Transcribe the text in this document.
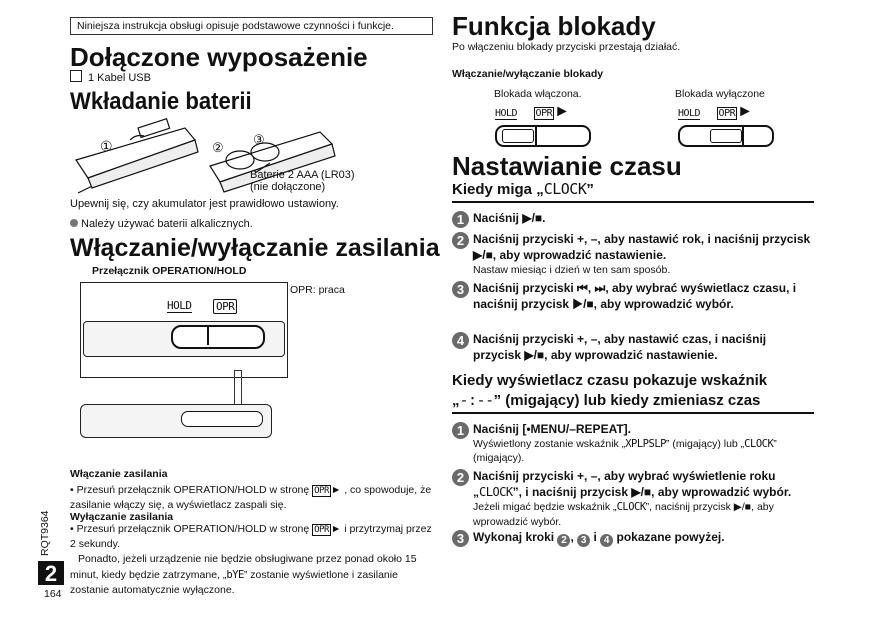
Niniejsza instrukcja obsługi opisuje podstawowe czynności i funkcje.
Dołączone wyposażenie
1 Kabel USB
Wkładanie baterii
①	②
③
Baterie 2 AAA (LR03)
(nie dołączone)
Upewnij się, czy akumulator jest prawidłowo ustawiony.
Należy używać baterii alkalicznych.
Włączanie/wyłączanie zasilania
Przełącznik OPERATION/HOLD
OPR: praca
HOLD OPR
Włączanie zasilania
• Przesuń przełącznik OPERATION/HOLD w stronę OPR ► , co spowoduje, że zasilanie włączy się, a wyświetlacz zaspali się.
Wyłączanie zasilania
• Przesuń przełącznik OPERATION/HOLD w stronę OPR ► i przytrzymaj przez 2 sekundy.
Ponadto, jeżeli urządzenie nie będzie obsługiwane przez ponad około 15 minut, kiedy będzie zatrzymane, „bYE” zostanie wyświetlone i zasilanie zostanie automatycznie wyłączone.
RQT9364
2
164
Funkcja blokady
Po włączeniu blokady przyciski przestają działać.
Włączanie/wyłączanie blokady
Blokada włączona.	Blokada wyłączone
HOLD OPR ►	HOLD OPR ►
Nastawianie czasu
Kiedy miga „CLOCK”
1 Naciśnij ▶/■.
2 Naciśnij przyciski +, –, aby nastawić rok, i naciśnij przycisk ▶/■, aby wprowadzić nastawienie.
Nastaw miesiąc i dzień w ten sam sposób.
3 Naciśnij przyciski ⏮, ⏭, aby wybrać wyświetlacz czasu, i naciśnij przycisk ▶/■, aby wprowadzić wybór.
4 Naciśnij przyciski +, –, aby nastawić czas, i naciśnij przycisk ▶/■, aby wprowadzić nastawienie.
Kiedy wyświetlacz czasu pokazuje wskaźnik
„-:--” (migający) lub kiedy zmieniasz czas
1 Naciśnij [•MENU/–REPEAT].
Wyświetlony zostanie wskaźnik „XPLPSLP” (migający) lub „CLOCK” (migający).
2 Naciśnij przyciski +, –, aby wybrać wyświetlenie roku „CLOCK”, i naciśnij przycisk ▶/■, aby wprowadzić wybór.
Jeżeli migać będzie wskaźnik „CLOCK”, naciśnij przycisk ▶/■, aby wprowadzić wybór.
3 Wykonaj kroki 2 , 3 i 4 pokazane powyżej.
